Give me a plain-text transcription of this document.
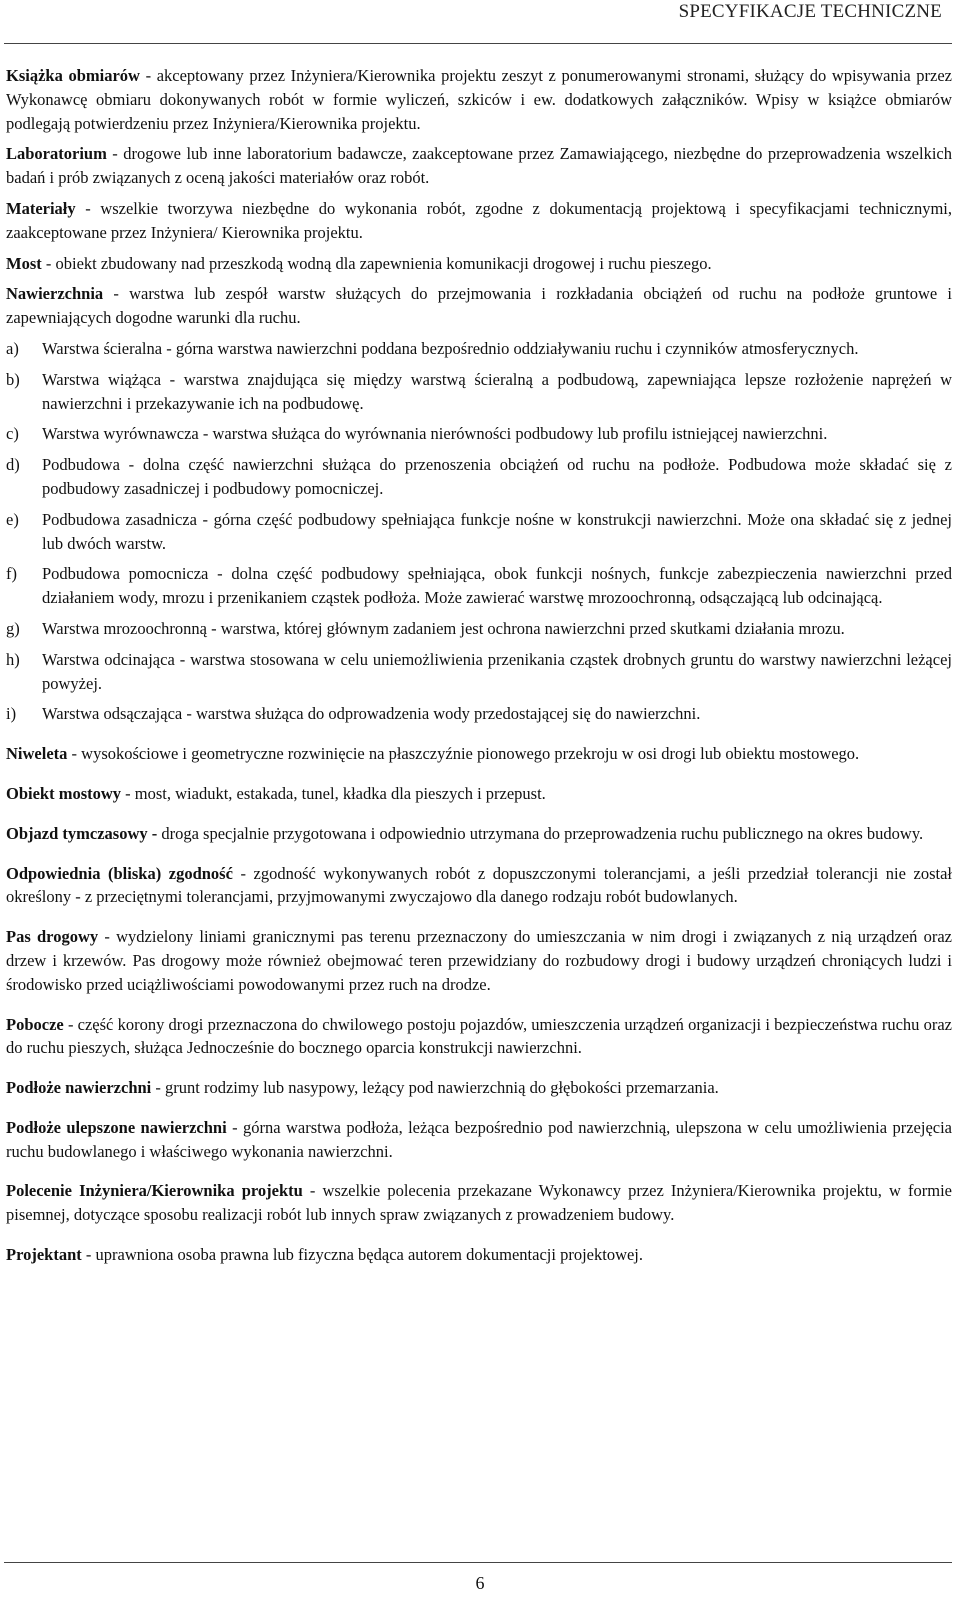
SPECYFIKACJE TECHNICZNE

Książka obmiarów - akceptowany przez Inżyniera/Kierownika projektu zeszyt z ponumerowanymi stronami, służący do wpisywania przez Wykonawcę obmiaru dokonywanych robót w formie wyliczeń, szkiców i ew. dodatkowych załączników. Wpisy w książce obmiarów podlegają potwierdzeniu przez Inżyniera/Kierownika projektu.

Laboratorium - drogowe lub inne laboratorium badawcze, zaakceptowane przez Zamawiającego, niezbędne do przeprowadzenia wszelkich badań i prób związanych z oceną jakości materiałów oraz robót.

Materiały - wszelkie tworzywa niezbędne do wykonania robót, zgodne z dokumentacją projektową i specyfikacjami technicznymi, zaakceptowane przez Inżyniera/ Kierownika projektu.

Most - obiekt zbudowany nad przeszkodą wodną dla zapewnienia komunikacji drogowej i ruchu pieszego.

Nawierzchnia - warstwa lub zespół warstw służących do przejmowania i rozkładania obciążeń od ruchu na podłoże gruntowe i zapewniających dogodne warunki dla ruchu.

a)	Warstwa ścieralna - górna warstwa nawierzchni poddana bezpośrednio oddziaływaniu ruchu i czynników atmosferycznych.
b)	Warstwa wiążąca - warstwa znajdująca się między warstwą ścieralną a podbudową, zapewniająca lepsze rozłożenie naprężeń w nawierzchni i przekazywanie ich na podbudowę.
c)	Warstwa wyrównawcza - warstwa służąca do wyrównania nierówności podbudowy lub profilu istniejącej nawierzchni.
d)	Podbudowa - dolna część nawierzchni służąca do przenoszenia obciążeń od ruchu na podłoże. Podbudowa może składać się z podbudowy zasadniczej i podbudowy pomocniczej.
e)	Podbudowa zasadnicza - górna część podbudowy spełniająca funkcje nośne w konstrukcji nawierzchni. Może ona składać się z jednej lub dwóch warstw.
f)	Podbudowa pomocnicza - dolna część podbudowy spełniająca, obok funkcji nośnych, funkcje zabezpieczenia nawierzchni przed działaniem wody, mrozu i przenikaniem cząstek podłoża. Może zawierać warstwę mrozoochronną, odsączającą lub odcinającą.
g)	Warstwa mrozoochronną - warstwa, której głównym zadaniem jest ochrona nawierzchni przed skutkami działania mrozu.
h)	Warstwa odcinająca - warstwa stosowana w celu uniemożliwienia przenikania cząstek drobnych gruntu do warstwy nawierzchni leżącej powyżej.
i)	Warstwa odsączająca - warstwa służąca do odprowadzenia wody przedostającej się do nawierzchni.

Niweleta - wysokościowe i geometryczne rozwinięcie na płaszczyźnie pionowego przekroju w osi drogi lub obiektu mostowego.

Obiekt mostowy - most, wiadukt, estakada, tunel, kładka dla pieszych i przepust.

Objazd tymczasowy - droga specjalnie przygotowana i odpowiednio utrzymana do przeprowadzenia ruchu publicznego na okres budowy.

Odpowiednia (bliska) zgodność - zgodność wykonywanych robót z dopuszczonymi tolerancjami, a jeśli przedział tolerancji nie został określony - z przeciętnymi tolerancjami, przyjmowanymi zwyczajowo dla danego rodzaju robót budowlanych.

Pas drogowy - wydzielony liniami granicznymi pas terenu przeznaczony do umieszczania w nim drogi i związanych z nią urządzeń oraz drzew i krzewów. Pas drogowy może również obejmować teren przewidziany do rozbudowy drogi i budowy urządzeń chroniących ludzi i środowisko przed uciążliwościami powodowanymi przez ruch na drodze.

Pobocze - część korony drogi przeznaczona do chwilowego postoju pojazdów, umieszczenia urządzeń organizacji i bezpieczeństwa ruchu oraz do ruchu pieszych, służąca Jednocześnie do bocznego oparcia konstrukcji nawierzchni.

Podłoże nawierzchni - grunt rodzimy lub nasypowy, leżący pod nawierzchnią do głębokości przemarzania.

Podłoże ulepszone nawierzchni - górna warstwa podłoża, leżąca bezpośrednio pod nawierzchnią, ulepszona w celu umożliwienia przejęcia ruchu budowlanego i właściwego wykonania nawierzchni.

Polecenie Inżyniera/Kierownika projektu - wszelkie polecenia przekazane Wykonawcy przez Inżyniera/Kierownika projektu, w formie pisemnej, dotyczące sposobu realizacji robót lub innych spraw związanych z prowadzeniem budowy.

Projektant - uprawniona osoba prawna lub fizyczna będąca autorem dokumentacji projektowej.

6
